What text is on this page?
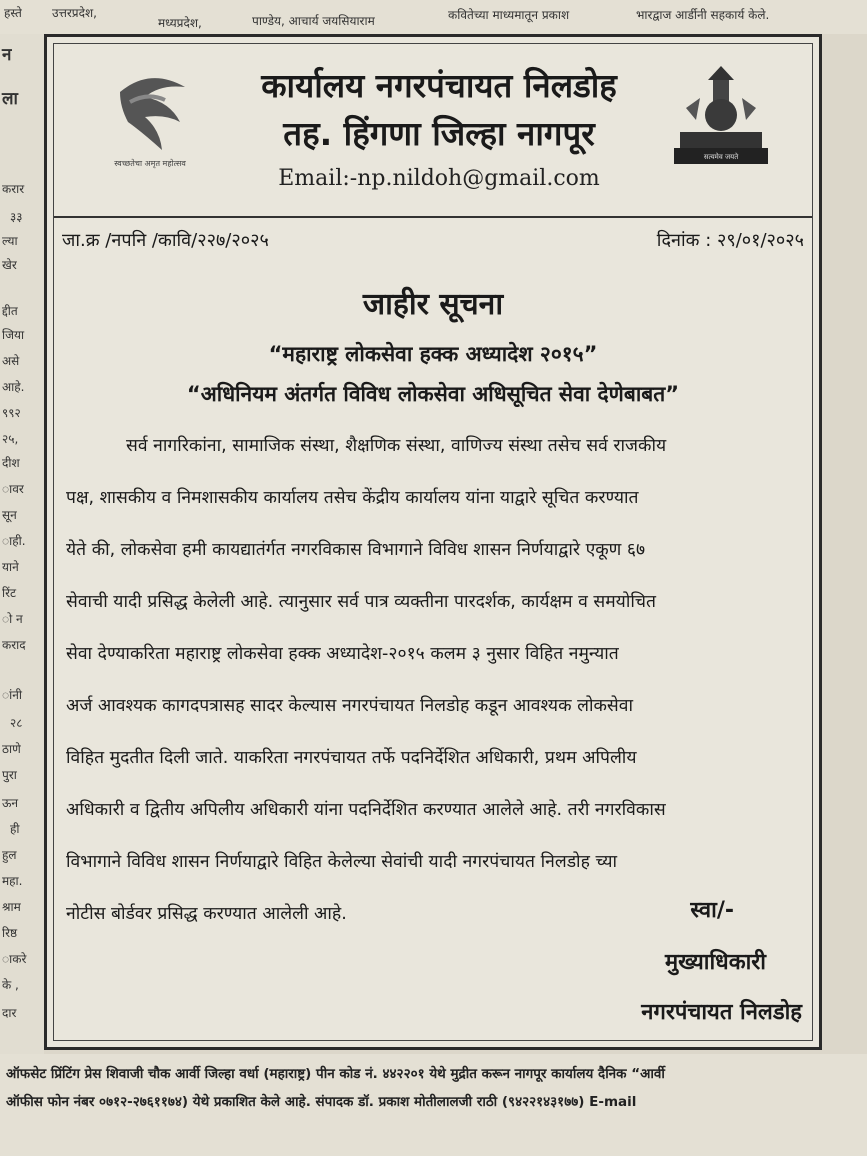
हस्ते	उत्तरप्रदेश,
मध्यप्रदेश,	पाण्डेय, आचार्य जयसियाराम	कवितेच्या माध्यमातून प्रकाश	भारद्वाज आर्डीनी सहकार्य केले.
न
ला
करार
३३
ल्या
खेर
द्दीत
जिया
असे
आहे.
९९२
२५,
दीश
ावर
सून
ाही.
याने
रिंट
ो न
कराद
ांनी
२८
ठाणे
पुरा
ऊन
ही
हुल
महा.
श्राम
रिष्ठ
ाकरे
के ,
दार
स्वच्छतेचा अमृत महोत्सव
कार्यालय नगरपंचायत निलडोह
तह. हिंगणा जिल्हा नागपूर
Email:-np.nildoh@gmail.com
सत्यमेव जयते
जा.क्र /नपनि /कावि/२२७/२०२५	दिनांक : २९/०१/२०२५
जाहीर सूचना
“महाराष्ट्र लोकसेवा हक्क अध्यादेश २०१५”
“अधिनियम अंतर्गत विविध लोकसेवा अधिसूचित सेवा देणेबाबत”
सर्व नागरिकांना, सामाजिक संस्था, शैक्षणिक संस्था, वाणिज्य संस्था तसेच सर्व राजकीय
पक्ष, शासकीय व निमशासकीय कार्यालय तसेच केंद्रीय कार्यालय यांना याद्वारे सूचित करण्यात
येते की, लोकसेवा हमी कायद्यातंर्गत नगरविकास विभागाने विविध शासन निर्णयाद्वारे एकूण ६७
सेवाची यादी प्रसिद्ध केलेली आहे. त्यानुसार सर्व पात्र व्यक्तीना पारदर्शक, कार्यक्षम व समयोचित
सेवा देण्याकरिता महाराष्ट्र लोकसेवा हक्क अध्यादेश-२०१५ कलम ३ नुसार विहित नमुन्यात
अर्ज आवश्यक कागदपत्रासह सादर केल्यास नगरपंचायत निलडोह कडून आवश्यक लोकसेवा
विहित मुदतीत दिली जाते. याकरिता नगरपंचायत तर्फे पदनिर्देशित अधिकारी, प्रथम अपिलीय
अधिकारी व द्वितीय अपिलीय अधिकारी यांना पदनिर्देशित करण्यात आलेले आहे. तरी नगरविकास
विभागाने विविध शासन निर्णयाद्वारे विहित केलेल्या सेवांची यादी नगरपंचायत निलडोह च्या
नोटीस बोर्डवर प्रसिद्ध करण्यात आलेली आहे.	स्वा/-
मुख्याधिकारी
नगरपंचायत निलडोह
ऑफसेट प्रिंटिंग प्रेस शिवाजी चौक आर्वी जिल्हा वर्धा (महाराष्ट्र) पीन कोड नं. ४४२२०१ येथे मुद्रीत करून नागपूर कार्यालय दैनिक “आर्वी
ऑफीस फोन नंबर ०७१२-२७६११७४) येथे प्रकाशित केले आहे. संपादक डॉ. प्रकाश मोतीलालजी राठी (९४२२१४३१७७) E-mail
